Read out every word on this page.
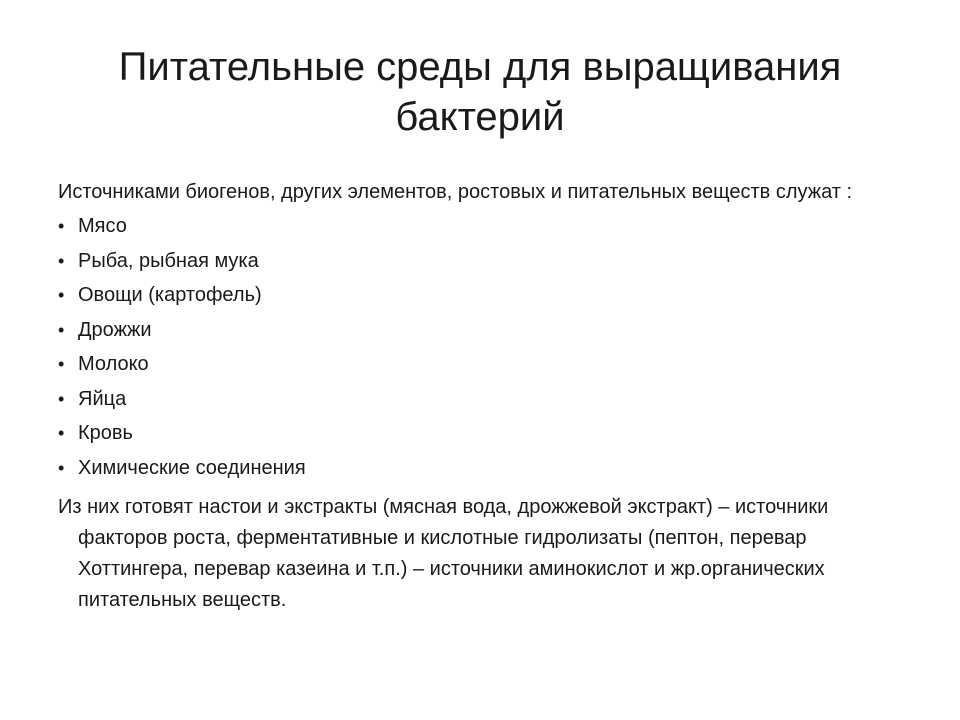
Питательные среды для выращивания
бактерий

Источниками биогенов, других элементов, ростовых и питательных веществ служат :

• Мясо
• Рыба, рыбная мука
• Овощи (картофель)
• Дрожжи
• Молоко
• Яйца
• Кровь
• Химические соединения

Из них готовят настои и экстракты (мясная вода, дрожжевой экстракт) – источники факторов роста, ферментативные и кислотные гидролизаты (пептон, перевар Хоттингера, перевар казеина и т.п.) – источники аминокислот и жр.органических питательных веществ.
